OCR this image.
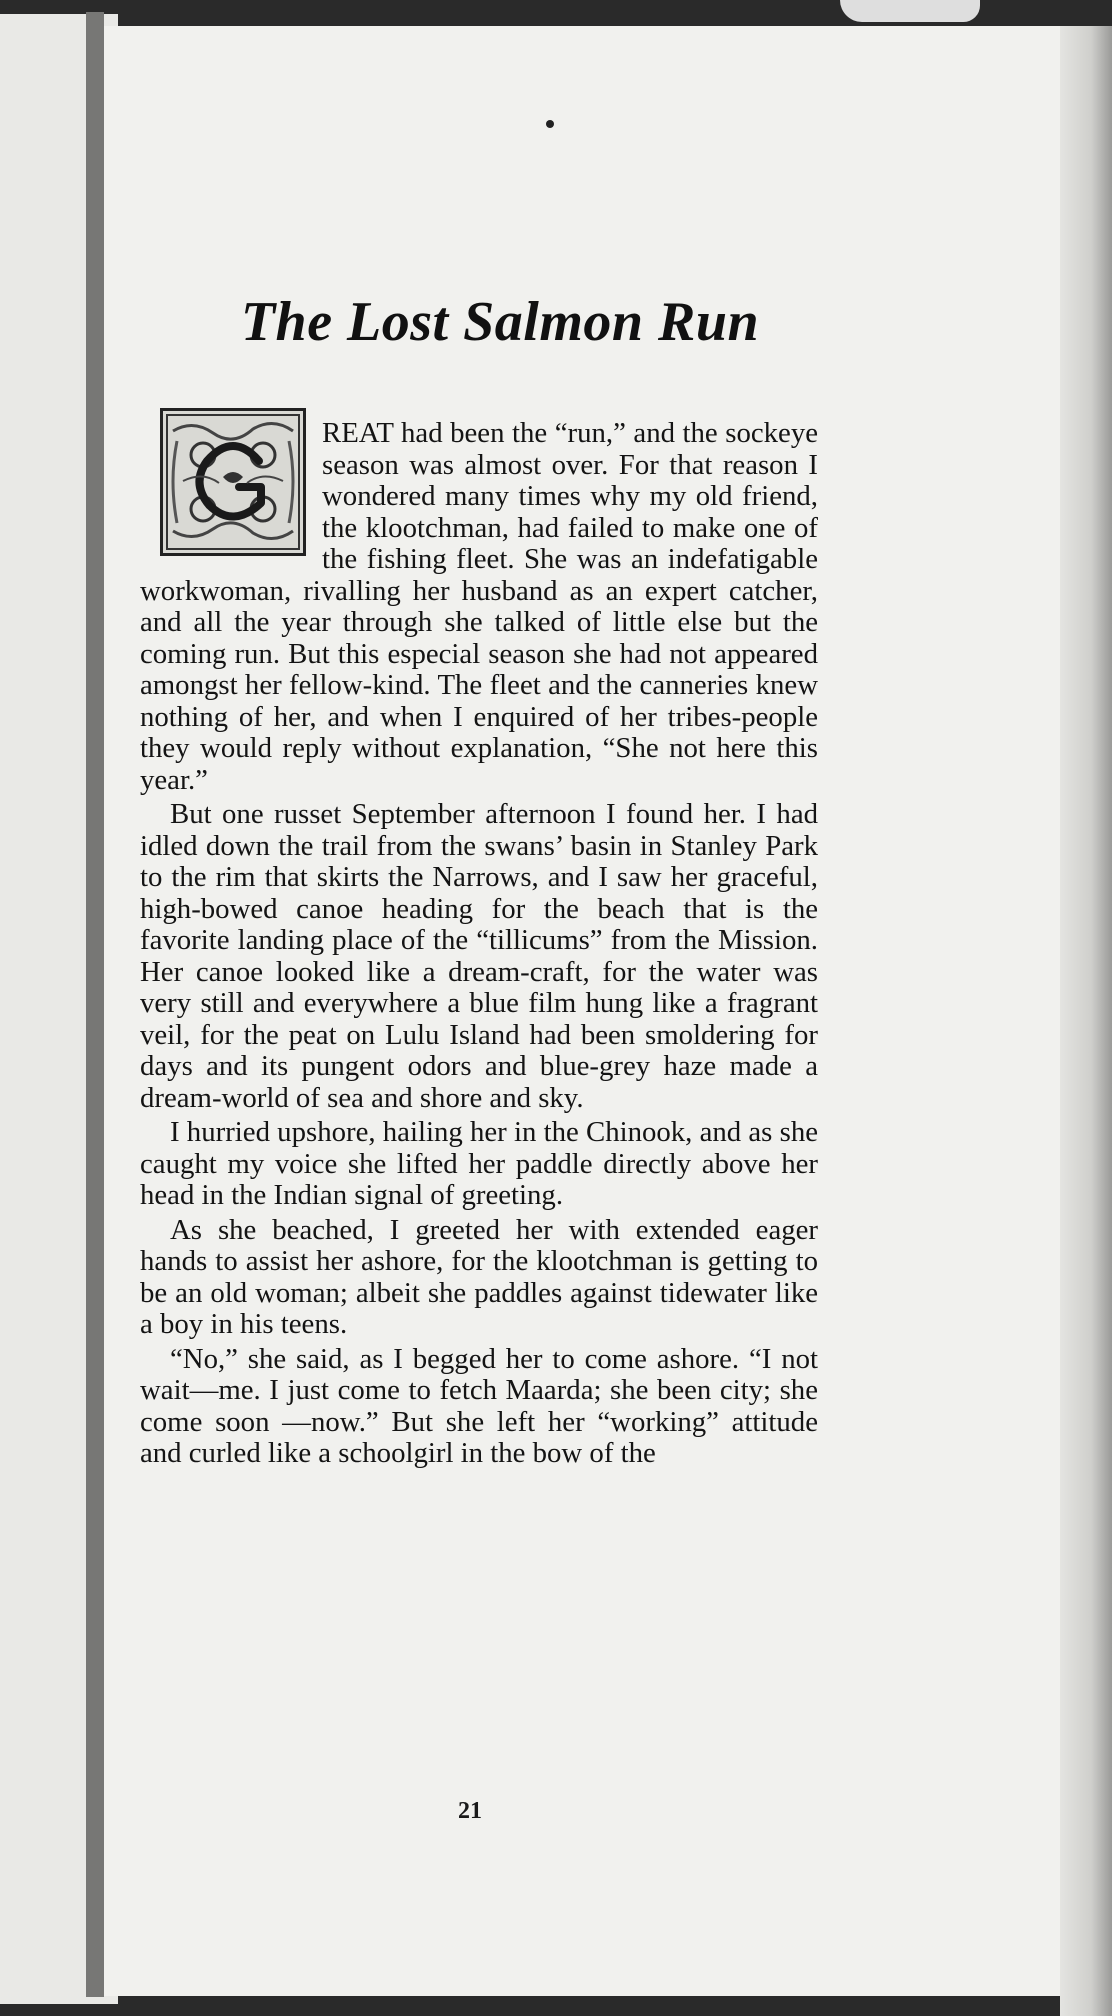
The Lost Salmon Run

REAT had been the “run,” and the sockeye season was almost over. For that reason I wondered many times why my old friend, the klootchman, had failed to make one of the fishing fleet. She was an indefatigable workwoman, rivalling her husband as an expert catcher, and all the year through she talked of little else but the coming run. But this especial season she had not appeared amongst her fellow-kind. The fleet and the canneries knew nothing of her, and when I enquired of her tribes-people they would reply without explanation, “She not here this year.”

But one russet September afternoon I found her. I had idled down the trail from the swans’ basin in Stanley Park to the rim that skirts the Narrows, and I saw her graceful, high-bowed canoe heading for the beach that is the favorite landing place of the “tillicums” from the Mission. Her canoe looked like a dream-craft, for the water was very still and everywhere a blue film hung like a fragrant veil, for the peat on Lulu Island had been smoldering for days and its pungent odors and blue-grey haze made a dream-world of sea and shore and sky.

I hurried upshore, hailing her in the Chinook, and as she caught my voice she lifted her paddle directly above her head in the Indian signal of greeting.

As she beached, I greeted her with extended eager hands to assist her ashore, for the klootchman is getting to be an old woman; albeit she paddles against tidewater like a boy in his teens.

“No,” she said, as I begged her to come ashore. “I not wait—me. I just come to fetch Maarda; she been city; she come soon —now.” But she left her “working” attitude and curled like a schoolgirl in the bow of the

21
